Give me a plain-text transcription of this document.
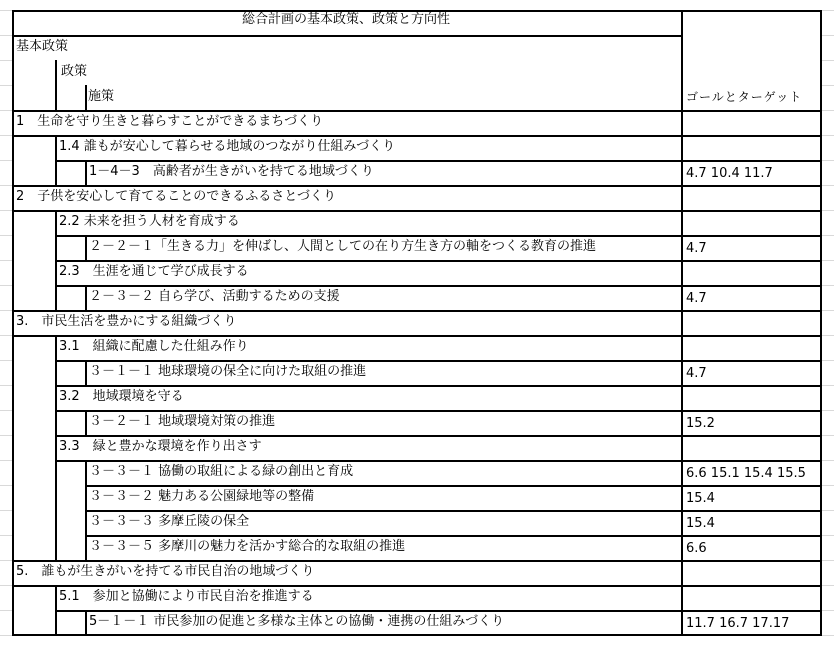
総合計画の基本政策、政策と方向性
基本政策
政策
施策	ゴールとターゲット
1　生命を守り生きと暮らすことができるまちづくり
1.4 誰もが安心して暮らせる地域のつながり仕組みづくり
1－4－3　高齢者が生きがいを持てる地域づくり	4.7 10.4 11.7
2　子供を安心して育てることのできるふるさとづくり
2.2 未来を担う人材を育成する
２－２－１「生きる力」を伸ばし、人間としての在り方生き方の軸をつくる教育の推進	4.7
2.3　生涯を通じて学び成長する
２－３－２ 自ら学び、活動するための支援	4.7
3.　市民生活を豊かにする組織づくり
3.1　組織に配慮した仕組み作り
３－１－１ 地球環境の保全に向けた取組の推進	4.7
3.2　地域環境を守る
３－２－１ 地域環境対策の推進	15.2
3.3　緑と豊かな環境を作り出さす
３－３－１ 協働の取組による緑の創出と育成	6.6 15.1 15.4 15.5
３－３－２ 魅力ある公園緑地等の整備	15.4
３－３－３ 多摩丘陵の保全	15.4
３－３－５ 多摩川の魅力を活かす総合的な取組の推進	6.6
5.　誰もが生きがいを持てる市民自治の地域づくり
5.1　参加と協働により市民自治を推進する
5－１－１ 市民参加の促進と多様な主体との協働・連携の仕組みづくり	11.7 16.7 17.17
